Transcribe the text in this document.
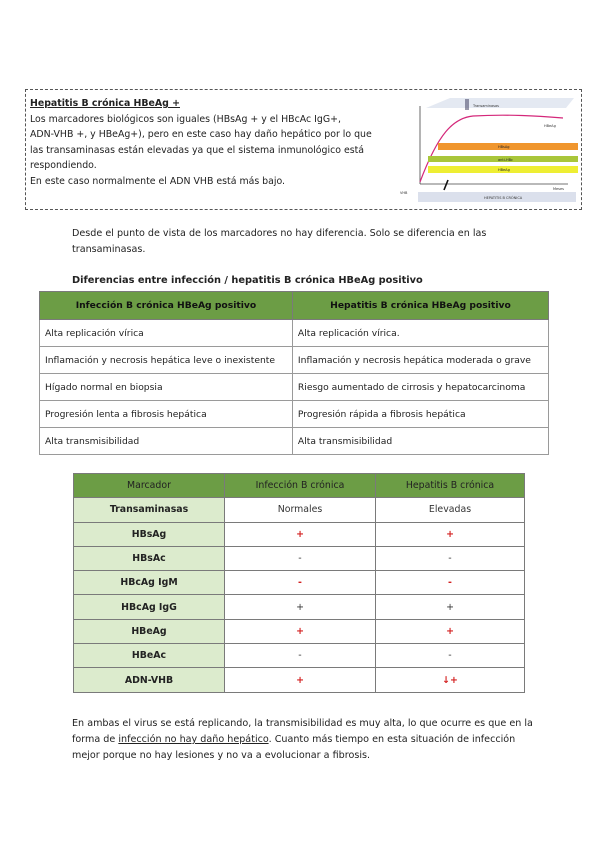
Hepatitis B crónica HBeAg +
Los marcadores biológicos son iguales (HBsAg + y el HBcAc IgG+,
ADN-VHB +, y HBeAg+), pero en este caso hay daño hepático por lo que
las transaminasas están elevadas ya que el sistema inmunológico está
respondiendo.
En este caso normalmente el ADN VHB está más bajo.
Transaminasas
HBeAg
HBsAg
anti-HBc
HBeAg
VHB
Meses
HEPATITIS B CRÓNICA
Desde el punto de vista de los marcadores no hay diferencia. Solo se diferencia en las transaminasas.
Diferencias entre infección / hepatitis B crónica HBeAg positivo
Infección B crónica HBeAg positivo	Hepatitis B crónica HBeAg positivo
Alta replicación vírica	Alta replicación vírica.
Inflamación y necrosis hepática leve o inexistente	Inflamación y necrosis hepática moderada o grave
Hígado normal en biopsia	Riesgo aumentado de cirrosis y hepatocarcinoma
Progresión lenta a fibrosis hepática	Progresión rápida a fibrosis hepática
Alta transmisibilidad	Alta transmisibilidad
Marcador	Infección B crónica	Hepatitis B crónica
Transaminasas	Normales	Elevadas
HBsAg	+	+
HBsAc	-	-
HBcAg IgM	-	-
HBcAg IgG	+	+
HBeAg	+	+
HBeAc	-	-
ADN-VHB	+	↓+
En ambas el virus se está replicando, la transmisibilidad es muy alta, lo que ocurre es que en la forma de infección no hay daño hepático. Cuanto más tiempo en esta situación de infección mejor porque no hay lesiones y no va a evolucionar a fibrosis.
